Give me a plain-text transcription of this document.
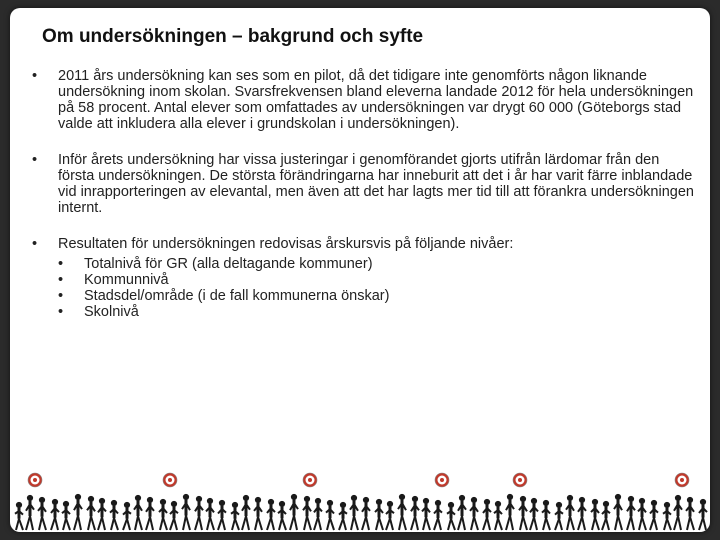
Om undersökningen – bakgrund och syfte
•	2011 års undersökning kan ses som en pilot, då det tidigare inte genomförts någon liknande undersökning inom skolan. Svarsfrekvensen bland eleverna landade 2012 för hela undersökningen på 58 procent. Antal elever som omfattades av undersökningen var drygt 60 000 (Göteborgs stad valde att inkludera alla elever i grundskolan i undersökningen).
•	Inför årets undersökning har vissa justeringar i genomförandet gjorts utifrån lärdomar från den första undersökningen. De största förändringarna har inneburit att det i år har varit färre inblandade vid inrapporteringen av elevantal, men även att det har lagts mer tid till att förankra undersökningen internt.
•	Resultaten för undersökningen redovisas årskursvis på följande nivåer:
•	Totalnivå för GR (alla deltagande kommuner)
•	Kommunnivå
•	Stadsdel/område (i de fall kommunerna önskar)
•	Skolnivå
